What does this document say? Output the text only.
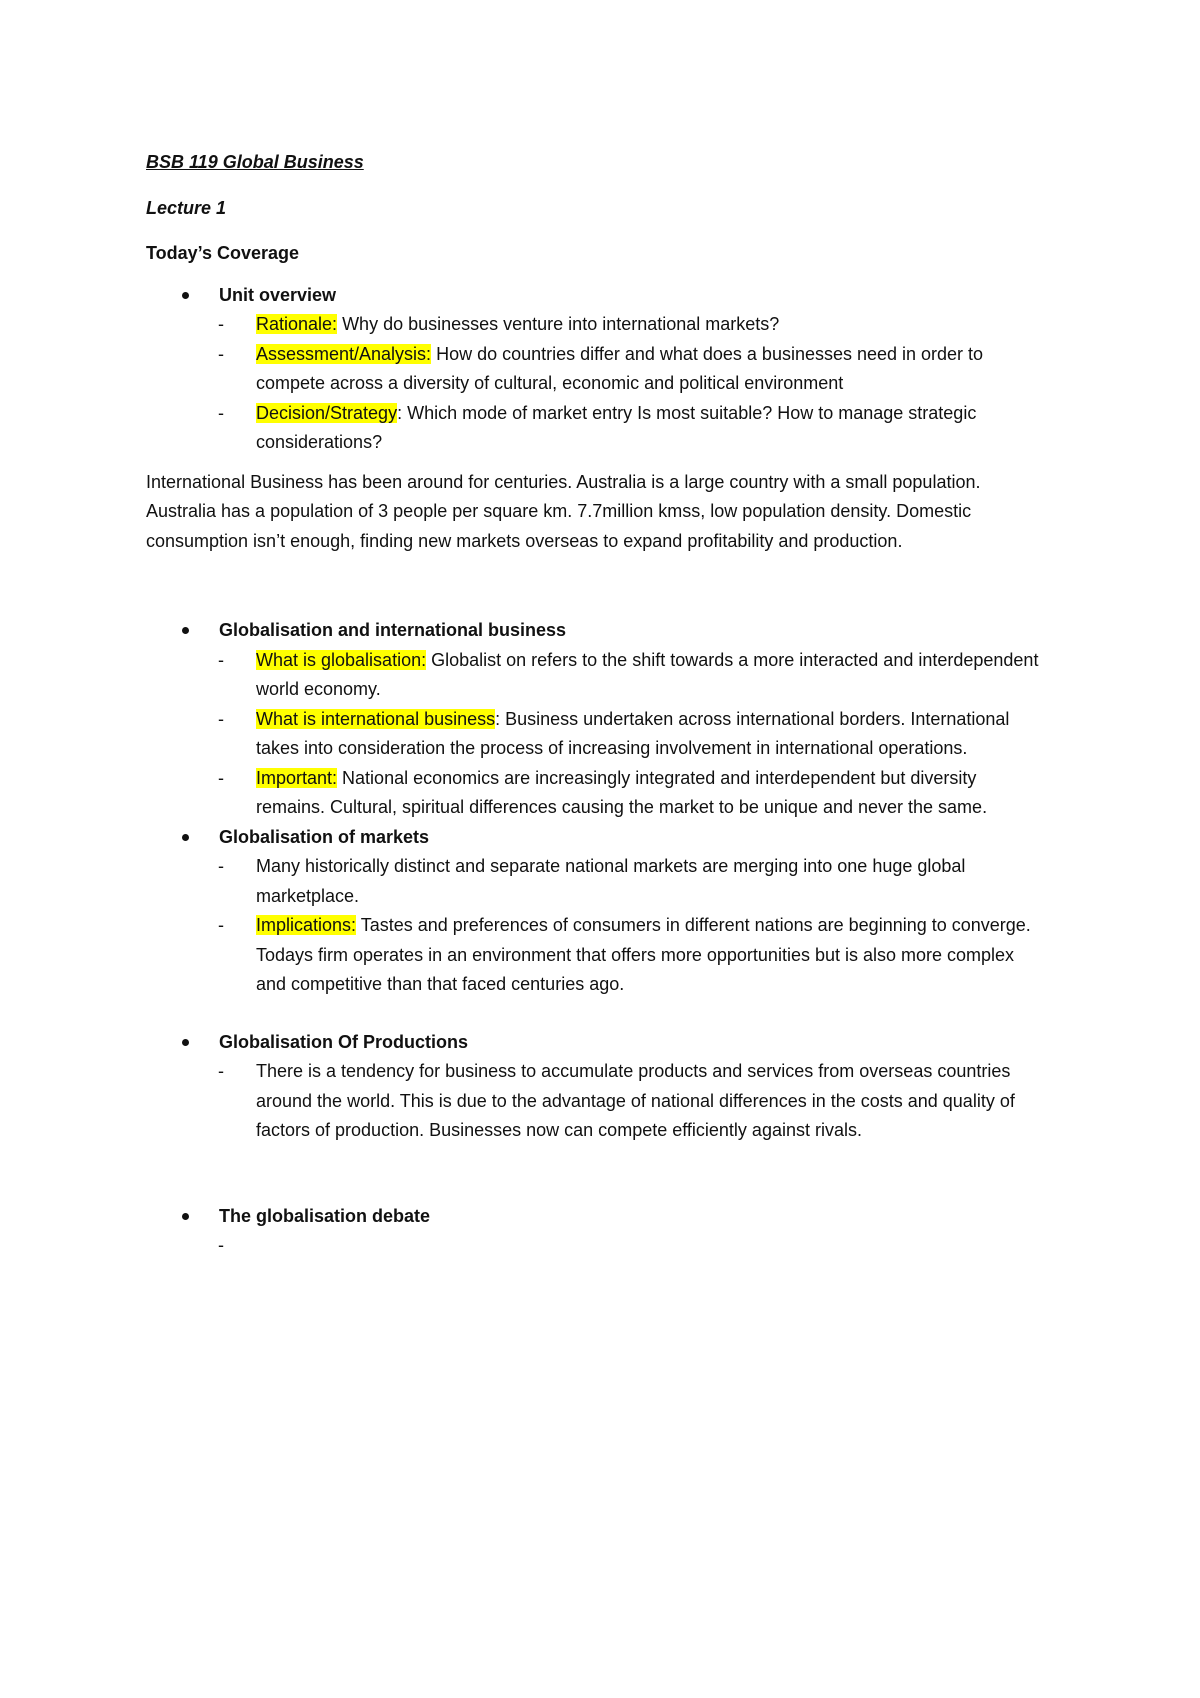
BSB 119 Global Business
Lecture 1
Today’s Coverage
Unit overview
- Rationale: Why do businesses venture into international markets?
- Assessment/Analysis: How do countries differ and what does a businesses need in order to compete across a diversity of cultural, economic and political environment
- Decision/Strategy: Which mode of market entry Is most suitable? How to manage strategic considerations?

International Business has been around for centuries. Australia is a large country with a small population. Australia has a population of 3 people per square km. 7.7million kmss, low population density. Domestic consumption isn’t enough, finding new markets overseas to expand profitability and production.

Globalisation and international business
- What is globalisation: Globalist on refers to the shift towards a more interacted and interdependent world economy.
- What is international business: Business undertaken across international borders. International takes into consideration the process of increasing involvement in international operations.
- Important: National economics are increasingly integrated and interdependent but diversity remains. Cultural, spiritual differences causing the market to be unique and never the same.
Globalisation of markets
- Many historically distinct and separate national markets are merging into one huge global marketplace.
- Implications: Tastes and preferences of consumers in different nations are beginning to converge. Todays firm operates in an environment that offers more opportunities but is also more complex and competitive than that faced centuries ago.
Globalisation Of Productions
- There is a tendency for business to accumulate products and services from overseas countries around the world. This is due to the advantage of national differences in the costs and quality of factors of production. Businesses now can compete efficiently against rivals.
The globalisation debate
-
